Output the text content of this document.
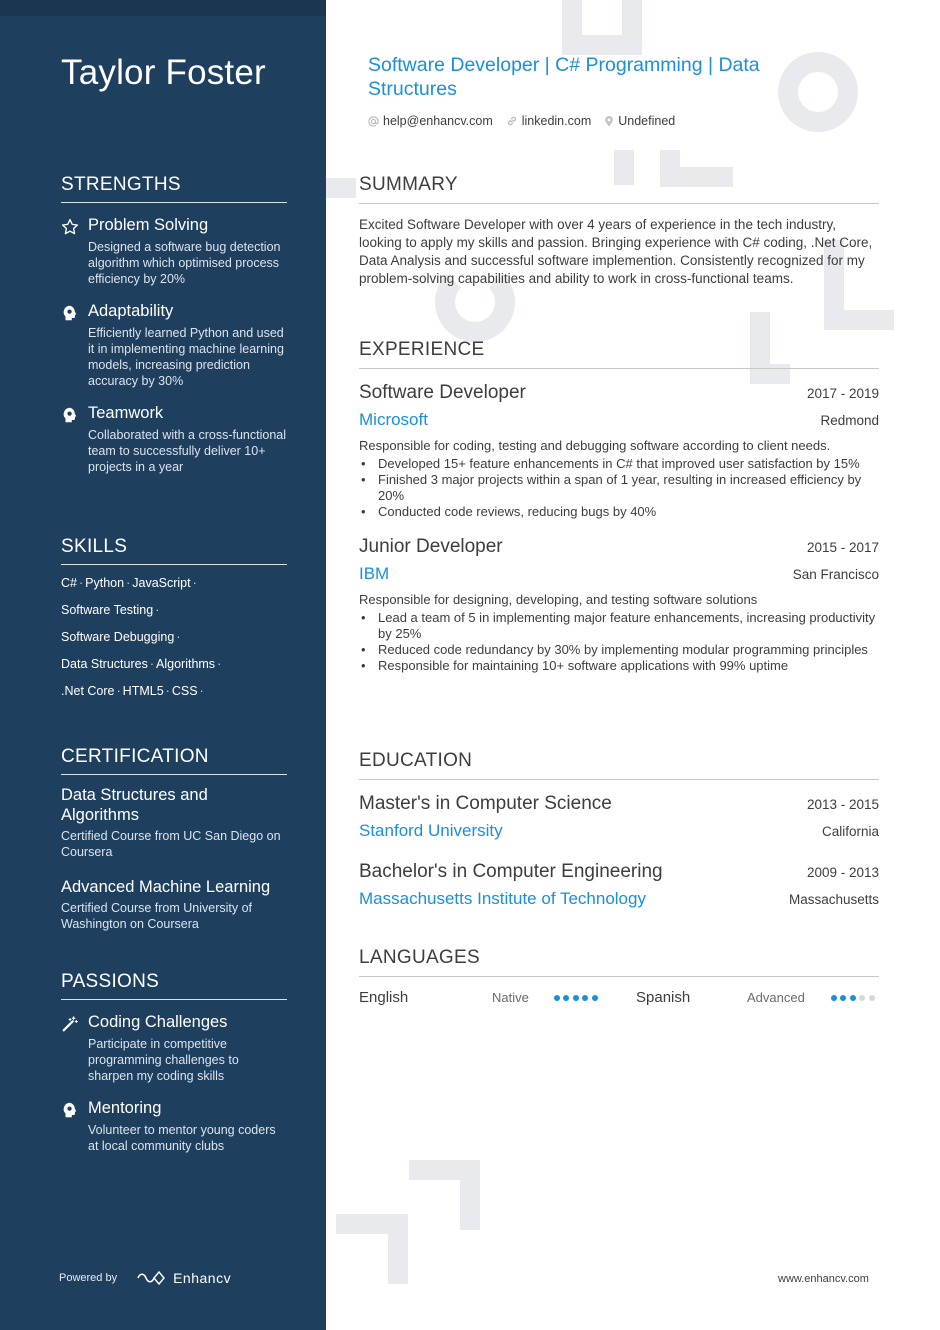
Taylor Foster
STRENGTHS
Problem Solving
Designed a software bug detection algorithm which optimised process efficiency by 20%
Adaptability
Efficiently learned Python and used it in implementing machine learning models, increasing prediction accuracy by 30%
Teamwork
Collaborated with a cross-functional team to successfully deliver 10+ projects in a year
SKILLS
C# · Python · JavaScript ·
Software Testing ·
Software Debugging ·
Data Structures · Algorithms ·
.Net Core · HTML5 · CSS ·
CERTIFICATION
Data Structures and Algorithms
Certified Course from UC San Diego on Coursera
Advanced Machine Learning
Certified Course from University of Washington on Coursera
PASSIONS
Coding Challenges
Participate in competitive programming challenges to sharpen my coding skills
Mentoring
Volunteer to mentor young coders at local community clubs
Powered by	Enhancv
Software Developer | C# Programming | Data Structures
help@enhancv.com linkedin.com Undefined
SUMMARY
Excited Software Developer with over 4 years of experience in the tech industry, looking to apply my skills and passion. Bringing experience with C# coding, .Net Core, Data Analysis and successful software implemention. Consistently recognized for my problem-solving capabilities and ability to work in cross-functional teams.
EXPERIENCE
Software Developer	2017 - 2019
Microsoft	Redmond
Responsible for coding, testing and debugging software according to client needs.
• Developed 15+ feature enhancements in C# that improved user satisfaction by 15%
• Finished 3 major projects within a span of 1 year, resulting in increased efficiency by 20%
• Conducted code reviews, reducing bugs by 40%
Junior Developer	2015 - 2017
IBM	San Francisco
Responsible for designing, developing, and testing software solutions
• Lead a team of 5 in implementing major feature enhancements, increasing productivity by 25%
• Reduced code redundancy by 30% by implementing modular programming principles
• Responsible for maintaining 10+ software applications with 99% uptime
EDUCATION
Master's in Computer Science	2013 - 2015
Stanford University	California
Bachelor's in Computer Engineering	2009 - 2013
Massachusetts Institute of Technology	Massachusetts
LANGUAGES
English	Native	Spanish	Advanced
www.enhancv.com
